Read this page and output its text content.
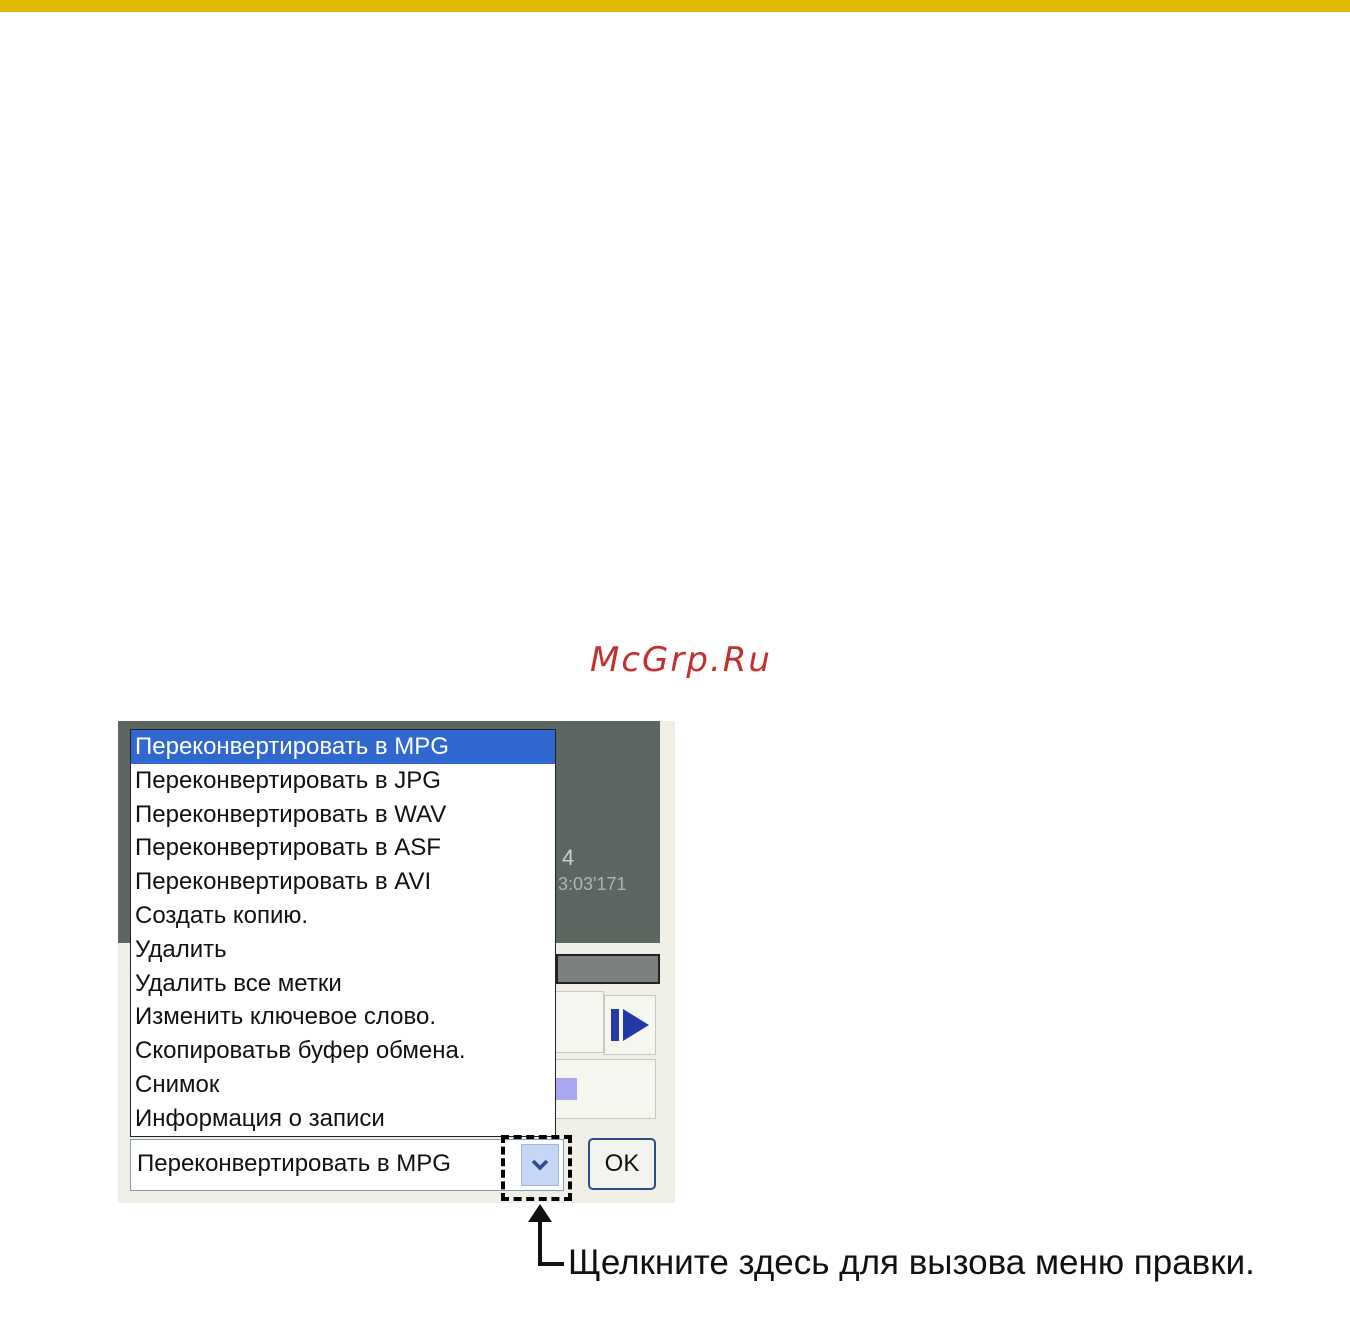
McGrp.Ru
4
3:03'171
Переконвертировать в MPG
Переконвертировать в JPG
Переконвертировать в WAV
Переконвертировать в ASF
Переконвертировать в AVI
Создать копию.
Удалить
Удалить все метки
Изменить ключевое слово.
Скопироватьв буфер обмена.
Снимок
Информация о записи
Переконвертировать в MPG	OK
Щелкните здесь для вызова меню правки.
